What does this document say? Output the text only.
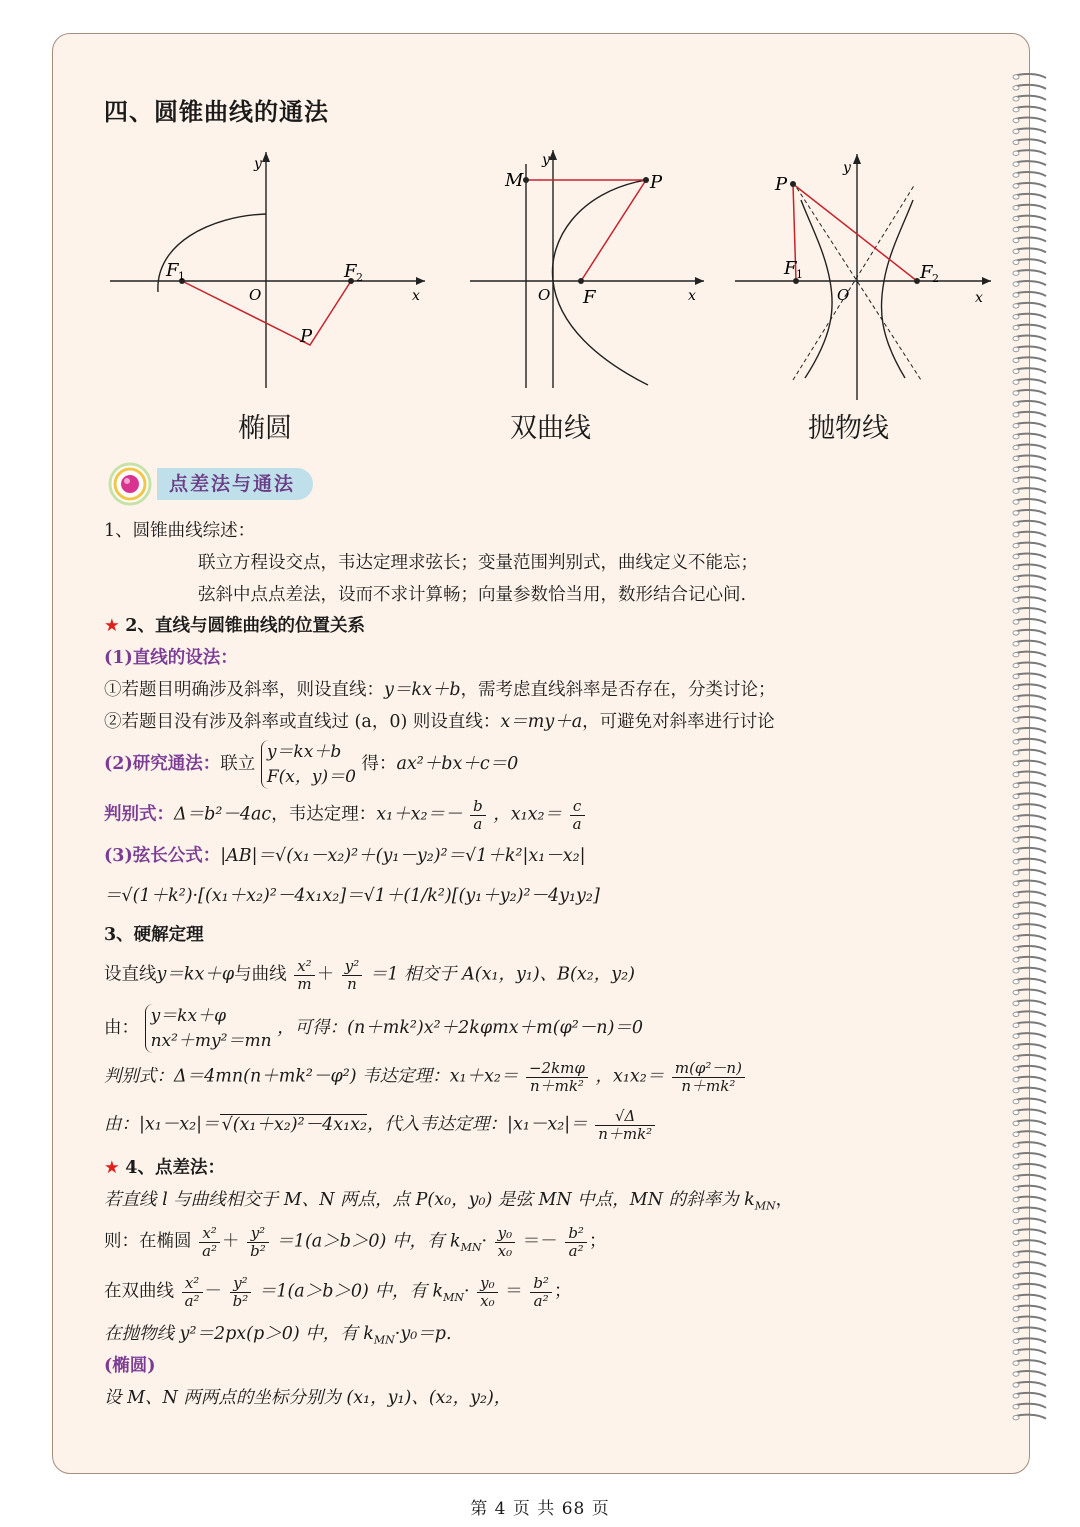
四、圆锥曲线的通法
y
x
O
F 1	F 2
P
椭圆
y
x
O F
M	P
双曲线
y
x
O
F 1	F 2
P
抛物线
点差法与通法
1、圆锥曲线综述：
联立方程设交点，韦达定理求弦长；变量范围判别式，曲线定义不能忘；
弦斜中点点差法，设而不求计算畅；向量参数恰当用，数形结合记心间.
★ 2、直线与圆锥曲线的位置关系
(1)直线的设法：
①若题目明确涉及斜率，则设直线：y＝kx＋b，需考虑直线斜率是否存在，分类讨论；
②若题目没有涉及斜率或直线过 (a，0) 则设直线：x＝my＋a，可避免对斜率进行讨论
(2)研究通法：联立
y＝kx＋b
F(x，y)＝0
得：ax²＋bx＋c＝0
判别式：Δ＝b²－4ac，韦达定理：$x_1+x_2=- \frac{b}{a}$ ，$x_1x_2= \frac{c}{a}$
(3)弦长公式：|AB|＝√(x₁－x₂)²＋(y₁－y₂)²＝√1＋k²|x₁－x₂|
＝√(1＋k²)·[(x₁＋x₂)²－4x₁x₂]＝√1＋(1/k²)[(y₁＋y₂)²－4y₁y₂]
3、硬解定理
设直线y＝kx＋φ与曲线 $\frac{\text{x²}}{m} + \frac{\text{y²}}{n} =1$ 相交于 A(x₁，y₁)、B(x₂，y₂)
由：
y＝kx＋φ
nx²＋my²＝mn
，可得：(n＋mk²)x²＋2kφmx＋m(φ²－n)＝0
判别式：Δ＝4mn(n＋mk²－φ²) 韦达定理：$x_1+x_2= \frac{\text{−2kmφ}}{\text{n＋mk²}}$ ，$x_1x_2= \frac{\text{m(φ²－n)}}{\text{n＋mk²}}$
由：|x₁－x₂|＝ √(x₁＋x₂)²－4x₁x₂，代入韦达定理：$|x_1-x_2|= \frac{√\Delta}{\text{n＋mk²}}$
★ 4、点差法：
若直线 l 与曲线相交于 M、N 两点，点 P(x₀，y₀) 是弦 MN 中点，MN 的斜率为 $k_{MN}$，
则：在椭圆 $\frac{\text{x²}}{\text{a²}} + \frac{\text{y²}}{\text{b²}} =1(a>b>0)$ 中，有 $k_{MN}\cdot \frac{\text{y₀}}{\text{x₀}} =- \frac{\text{b²}}{\text{a²}}$ ；
在双曲线 $\frac{\text{x²}}{\text{a²}} - \frac{\text{y²}}{\text{b²}} =1(a>b>0)$ 中，有 $k_{MN}\cdot \frac{\text{y₀}}{\text{x₀}} = \frac{\text{b²}}{\text{a²}}$ ；
在抛物线 y²＝2px(p＞0) 中，有 $k_{MN}\cdot y_0=p$.
(椭圆)
设 M、N 两两点的坐标分别为 (x₁，y₁)、(x₂，y₂)，
第 4 页 共 68 页
